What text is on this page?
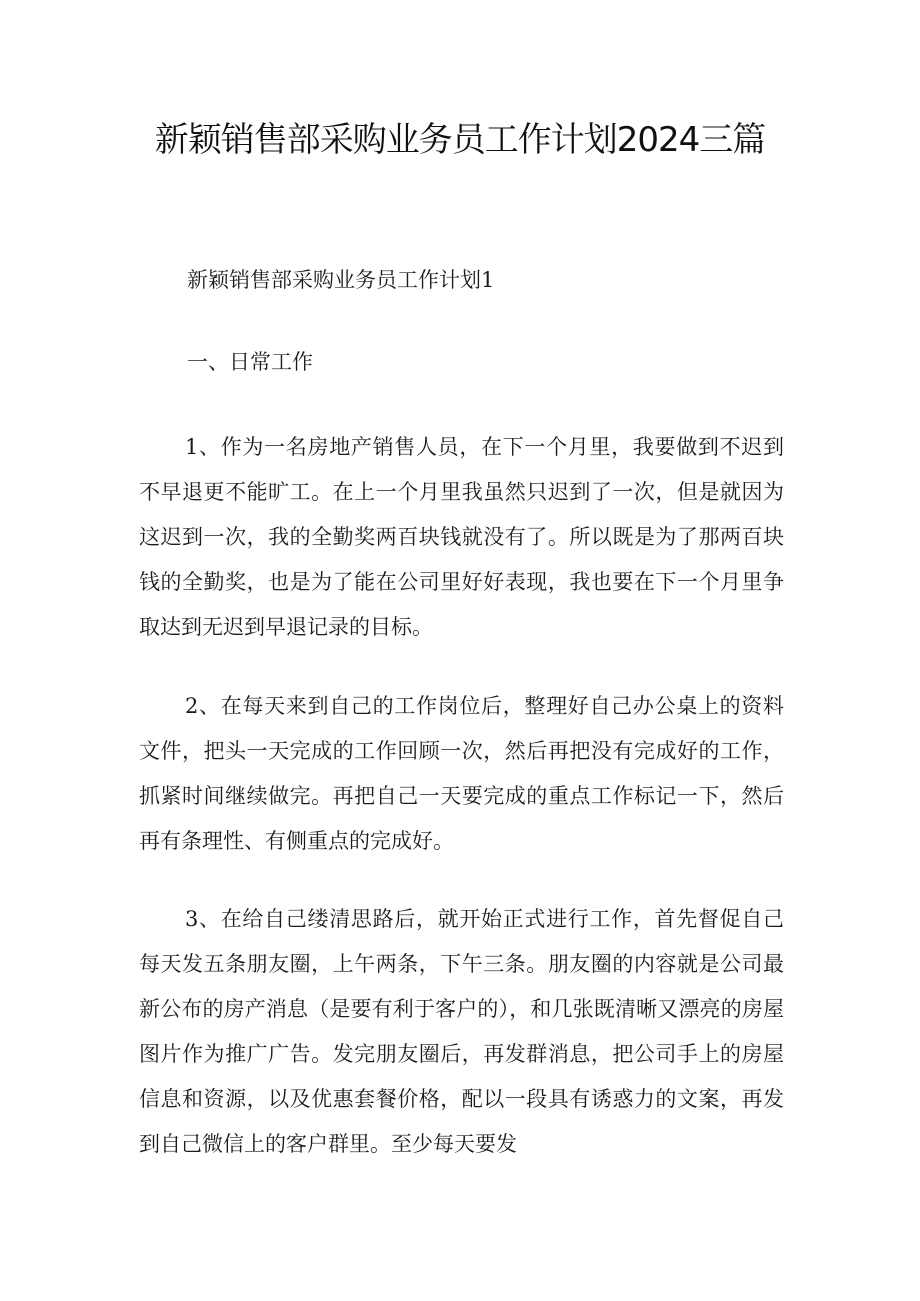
新颖销售部采购业务员工作计划2024三篇
新颖销售部采购业务员工作计划1
一、日常工作

1、作为一名房地产销售人员，在下一个月里，我要做到不迟到不早退更不能旷工。在上一个月里我虽然只迟到了一次，但是就因为这迟到一次，我的全勤奖两百块钱就没有了。所以既是为了那两百块钱的全勤奖，也是为了能在公司里好好表现，我也要在下一个月里争取达到无迟到早退记录的目标。

2、在每天来到自己的工作岗位后，整理好自己办公桌上的资料文件，把头一天完成的工作回顾一次，然后再把没有完成好的工作，抓紧时间继续做完。再把自己一天要完成的重点工作标记一下，然后再有条理性、有侧重点的完成好。

3、在给自己缕清思路后，就开始正式进行工作，首先督促自己每天发五条朋友圈，上午两条，下午三条。朋友圈的内容就是公司最新公布的房产消息（是要有利于客户的），和几张既清晰又漂亮的房屋图片作为推广广告。发完朋友圈后，再发群消息，把公司手上的房屋信息和资源，以及优惠套餐价格，配以一段具有诱惑力的文案，再发到自己微信上的客户群里。至少每天要发
